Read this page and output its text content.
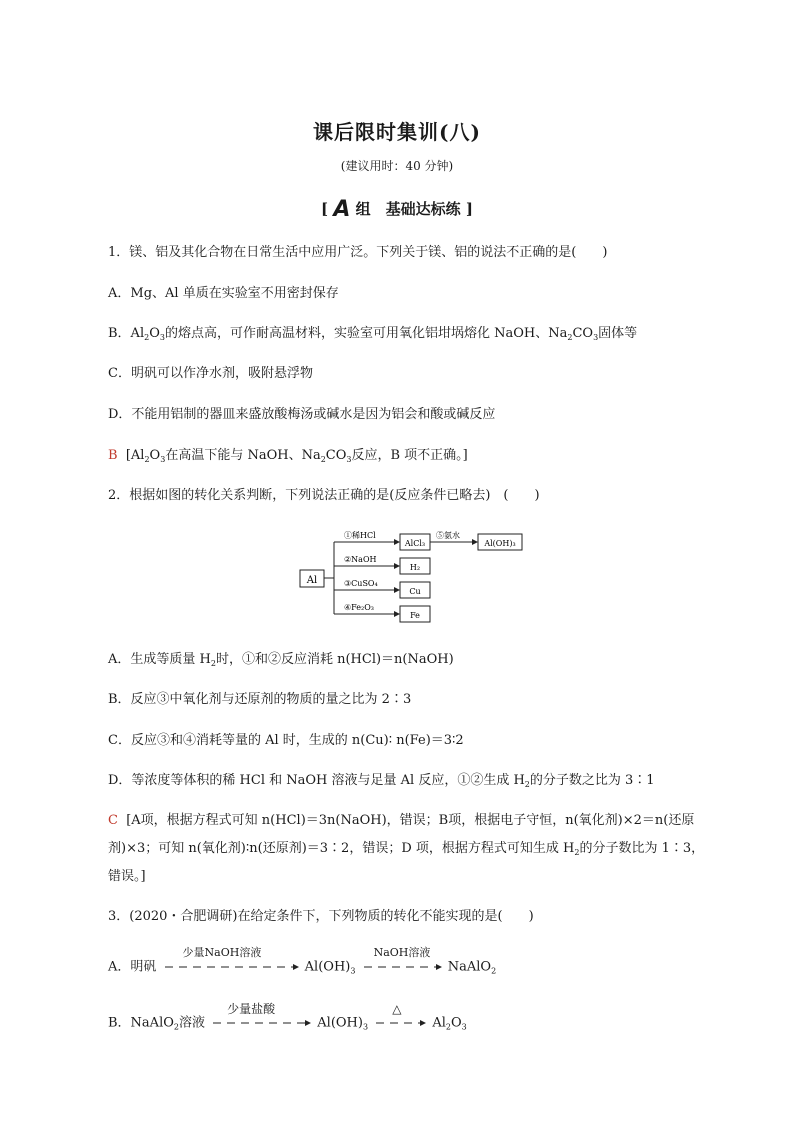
课后限时集训(八)
(建议用时：40 分钟)
[ A 组　基础达标练 ]
1．镁、铝及其化合物在日常生活中应用广泛。下列关于镁、铝的说法不正确的是(　　)
A．Mg、Al 单质在实验室不用密封保存
B．$Al_2O_3$的熔点高，可作耐高温材料，实验室可用氧化铝坩埚熔化 NaOH、$Na_2CO_3$固体等
C．明矾可以作净水剂，吸附悬浮物
D．不能用铝制的器皿来盛放酸梅汤或碱水是因为铝会和酸或碱反应
B [$Al_2O_3$在高温下能与 NaOH、$Na_2CO_3$反应，B 项不正确。]
2．根据如图的转化关系判断，下列说法正确的是(反应条件已略去)　(　　)
Al
①稀HCl
AlCl₃
⑤氨水
Al(OH)₃
②NaOH
H₂
③CuSO₄
Cu
④Fe₂O₃
Fe
A．生成等质量 $H_2$时，①和②反应消耗 n(HCl)＝n(NaOH)
B．反应③中氧化剂与还原剂的物质的量之比为 2∶3
C．反应③和④消耗等量的 Al 时，生成的 n(Cu)∶ n(Fe)＝3∶2
D．等浓度等体积的稀 HCl 和 NaOH 溶液与足量 Al 反应，①②生成 $H_2$的分子数之比为 3∶1
C [A项，根据方程式可知 n(HCl)＝3n(NaOH)，错误；B项，根据电子守恒，n(氧化剂)×2＝n(还原
剂)×3；可知 n(氧化剂)∶n(还原剂)＝3∶2，错误；D 项，根据方程式可知生成 $H_2$的分子数比为 1∶3，
错误。]
3．(2020・合肥调研)在给定条件下，下列物质的转化不能实现的是(　　)
A．明矾
少量NaOH溶液
$Al(OH)_3$
NaOH溶液
NaAlO$_2$
B．NaAlO$_2$溶液
少量盐酸
$Al(OH)_3$
△
$Al_2O_3$
